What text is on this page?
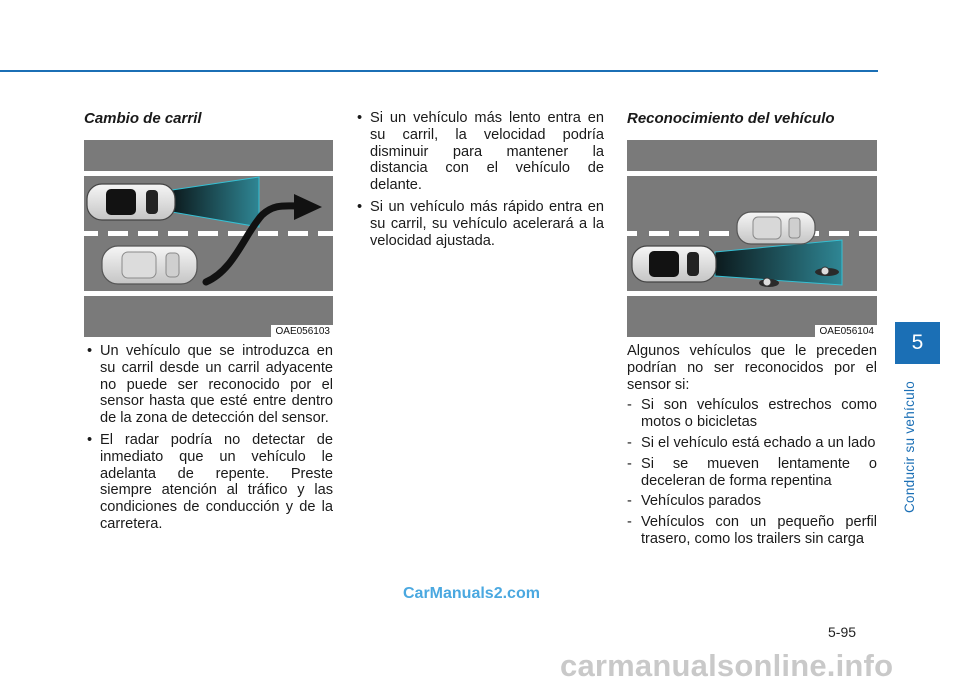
Cambio de carril
OAE056103
• Un vehículo que se introduzca en su carril desde un carril adyacente no puede ser reconocido por el sensor hasta que esté entre dentro de la zona de detección del sensor.
• El radar podría no detectar de inmediato que un vehículo le adelanta de repente. Preste siempre atención al tráfico y las condiciones de conducción y de la carretera.
• Si un vehículo más lento entra en su carril, la velocidad podría disminuir para mantener la distancia con el vehículo de delante.
• Si un vehículo más rápido entra en su carril, su vehículo acelerará a la velocidad ajustada.
Reconocimiento del vehículo
OAE056104

Algunos vehículos que le preceden podrían no ser reconocidos por el sensor si:

- Si son vehículos estrechos como motos o bicicletas
- Si el vehículo está echado a un lado
- Si se mueven lentamente o deceleran de forma repentina
- Vehículos parados
- Vehículos con un pequeño perfil trasero, como los trailers sin carga
5
Conducir su vehículo
5-95
CarManuals2.com
carmanualsonline.info
